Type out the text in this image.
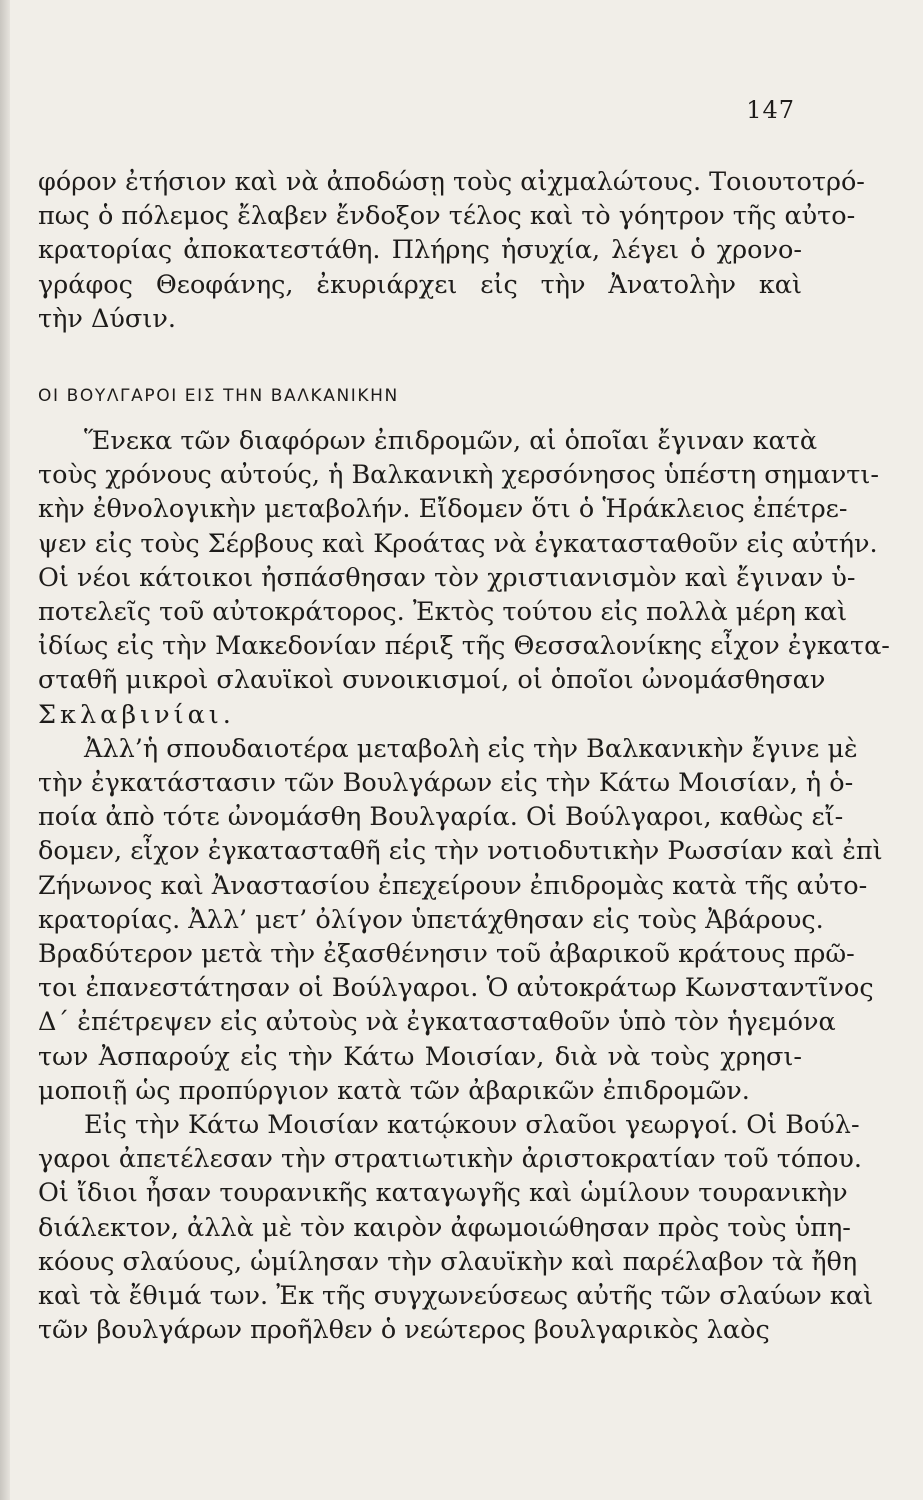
147
φόρον ἐτήσιον καὶ νὰ ἀποδώσῃ τοὺς αἰχμαλώτους. Τοιουτοτρό-
πως ὁ πόλεμος ἔλαβεν ἔνδοξον τέλος καὶ τὸ γόητρον τῆς αὐτο-
κρατορίας ἀποκατεστάθη. Πλήρης ἡσυχία, λέγει ὁ χρονο-
γράφος Θεοφάνης, ἐκυριάρχει εἰς τὴν Ἀνατολὴν καὶ
τὴν Δύσιν.
ΟΙ ΒΟΥΛΓΑΡΟΙ ΕΙΣ ΤΗΝ ΒΑΛΚΑΝΙΚΗΝ
Ἕνεκα τῶν διαφόρων ἐπιδρομῶν, αἱ ὁποῖαι ἔγιναν κατὰ
τοὺς χρόνους αὐτούς, ἡ Βαλκανικὴ χερσόνησος ὑπέστη σημαντι-
κὴν ἐθνολογικὴν μεταβολήν. Εἴδομεν ὅτι ὁ Ἡράκλειος ἐπέτρε-
ψεν εἰς τοὺς Σέρβους καὶ Κροάτας νὰ ἐγκατασταθοῦν εἰς αὐτήν.
Οἱ νέοι κάτοικοι ἠσπάσθησαν τὸν χριστιανισμὸν καὶ ἔγιναν ὑ-
ποτελεῖς τοῦ αὐτοκράτορος. Ἐκτὸς τούτου εἰς πολλὰ μέρη καὶ
ἰδίως εἰς τὴν Μακεδονίαν πέριξ τῆς Θεσσαλονίκης εἶχον ἐγκατα-
σταθῆ μικροὶ σλαυϊκοὶ συνοικισμοί, οἱ ὁποῖοι ὠνομάσθησαν
Σκλαβινίαι.
Ἀλλ’ἡ σπουδαιοτέρα μεταβολὴ εἰς τὴν Βαλκανικὴν ἔγινε μὲ
τὴν ἐγκατάστασιν τῶν Βουλγάρων εἰς τὴν Κάτω Μοισίαν, ἡ ὁ-
ποία ἀπὸ τότε ὠνομάσθη Βουλγαρία. Οἱ Βούλγαροι, καθὼς εἴ-
δομεν, εἶχον ἐγκατασταθῆ εἰς τὴν νοτιοδυτικὴν Ρωσσίαν καὶ ἐπὶ
Ζήνωνος καὶ Ἀναστασίου ἐπεχείρουν ἐπιδρομὰς κατὰ τῆς αὐτο-
κρατορίας. Ἀλλ’ μετ’ ὀλίγον ὑπετάχθησαν εἰς τοὺς Ἀβάρους.
Βραδύτερον μετὰ τὴν ἐξασθένησιν τοῦ ἀβαρικοῦ κράτους πρῶ-
τοι ἐπανεστάτησαν οἱ Βούλγαροι. Ὁ αὐτοκράτωρ Κωνσταντῖνος
Δ΄ ἐπέτρεψεν εἰς αὐτοὺς νὰ ἐγκατασταθοῦν ὑπὸ τὸν ἡγεμόνα
των Ἀσπαρούχ εἰς τὴν Κάτω Μοισίαν, διὰ νὰ τοὺς χρησι-
μοποιῇ ὡς προπύργιον κατὰ τῶν ἀβαρικῶν ἐπιδρομῶν.
Εἰς τὴν Κάτω Μοισίαν κατῴκουν σλαῦοι γεωργοί. Οἱ Βούλ-
γαροι ἀπετέλεσαν τὴν στρατιωτικὴν ἀριστοκρατίαν τοῦ τόπου.
Οἱ ἴδιοι ἦσαν τουρανικῆς καταγωγῆς καὶ ὡμίλουν τουρανικὴν
διάλεκτον, ἀλλὰ μὲ τὸν καιρὸν ἀφωμοιώθησαν πρὸς τοὺς ὑπη-
κόους σλαύους, ὡμίλησαν τὴν σλαυϊκὴν καὶ παρέλαβον τὰ ἤθη
καὶ τὰ ἔθιμά των. Ἐκ τῆς συγχωνεύσεως αὐτῆς τῶν σλαύων καὶ
τῶν βουλγάρων προῆλθεν ὁ νεώτερος βουλγαρικὸς λαὸς
